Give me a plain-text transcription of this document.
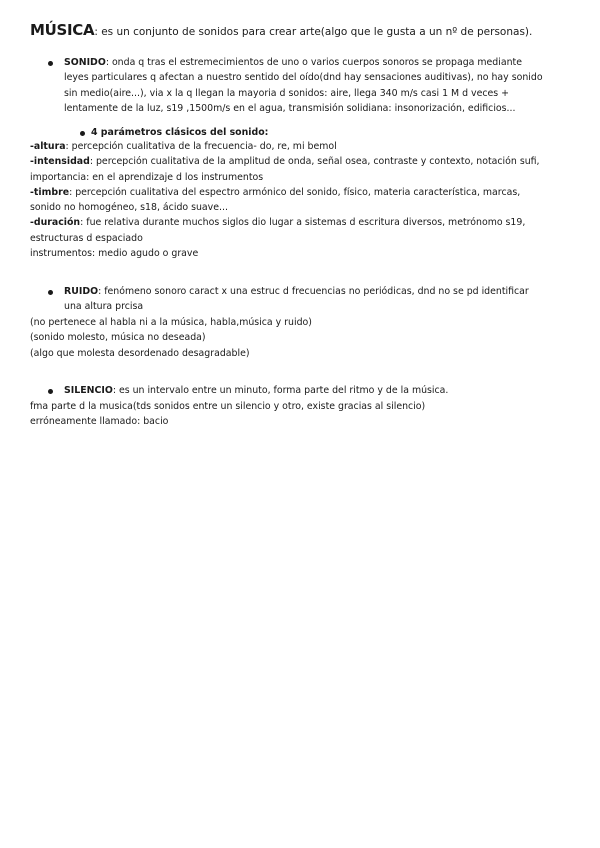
MÚSICA: es un conjunto de sonidos para crear arte(algo que le gusta a un nº de personas).
SONIDO: onda q tras el estremecimientos de uno o varios cuerpos sonoros se propaga mediante
leyes particulares q afectan a nuestro sentido del oído(dnd hay sensaciones auditivas), no hay sonido
sin medio(aire...), via x la q llegan la mayoria d sonidos: aire, llega 340 m/s casi 1 M d veces +
lentamente de la luz, s19 ,1500m/s en el agua, transmisión solidiana: insonorización, edificios...
4 parámetros clásicos del sonido:
-altura: percepción cualitativa de la frecuencia- do, re, mi bemol
-intensidad: percepción cualitativa de la amplitud de onda, señal osea, contraste y contexto, notación sufi,
importancia: en el aprendizaje d los instrumentos
-timbre: percepción cualitativa del espectro armónico del sonido, físico, materia característica, marcas,
sonido no homogéneo, s18, ácido suave...
-duración: fue relativa durante muchos siglos dio lugar a sistemas d escritura diversos, metrónomo s19,
estructuras d espaciado
instrumentos: medio agudo o grave
RUIDO: fenómeno sonoro caract x una estruc d frecuencias no periódicas, dnd no se pd identificar
una altura prcisa
(no pertenece al habla ni a la música, habla,música y ruido)
(sonido molesto, música no deseada)
(algo que molesta desordenado desagradable)
SILENCIO: es un intervalo entre un minuto, forma parte del ritmo y de la música.
fma parte d la musica(tds sonidos entre un silencio y otro, existe gracias al silencio)
erróneamente llamado: bacio
